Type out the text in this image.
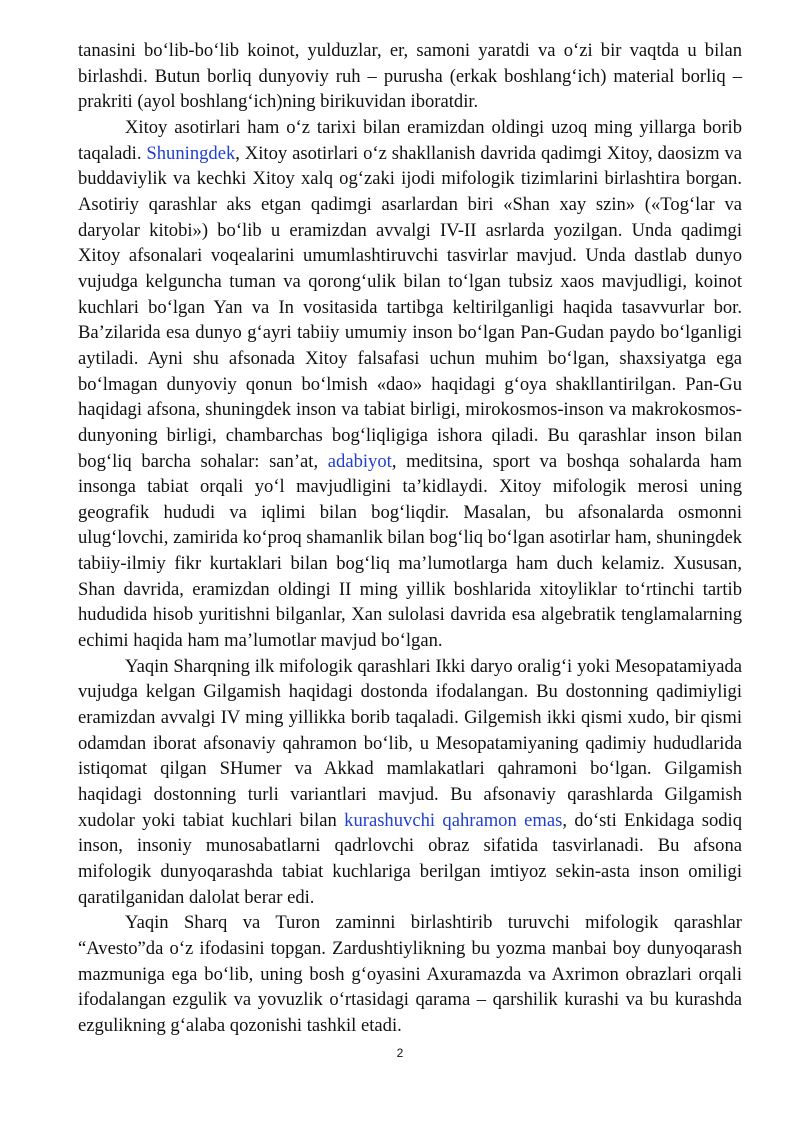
tanasini bo‘lib-bo‘lib koinot, yulduzlar, er, samoni yaratdi va o‘zi bir vaqtda u bilan birlashdi. Butun borliq dunyoviy ruh – purusha (erkak boshlang‘ich) material borliq – prakriti (ayol boshlang‘ich)ning birikuvidan iboratdir.

Xitoy asotirlari ham o‘z tarixi bilan eramizdan oldingi uzoq ming yillarga borib taqaladi. Shuningdek, Xitoy asotirlari o‘z shakllanish davrida qadimgi Xitoy, daosizm va buddaviylik va kechki Xitoy xalq og‘zaki ijodi mifologik tizimlarini birlashtira borgan. Asotiriy qarashlar aks etgan qadimgi asarlardan biri «Shan xay szin» («Tog‘lar va daryolar kitobi») bo‘lib u eramizdan avvalgi IV-II asrlarda yozilgan. Unda qadimgi Xitoy afsonalari voqealarini umumlashtiruvchi tasvirlar mavjud. Unda dastlab dunyo vujudga kelguncha tuman va qorong‘ulik bilan to‘lgan tubsiz xaos mavjudligi, koinot kuchlari bo‘lgan Yan va In vositasida tartibga keltirilganligi haqida tasavvurlar bor. Ba’zilarida esa dunyo g‘ayri tabiiy umumiy inson bo‘lgan Pan-Gudan paydo bo‘lganligi aytiladi. Ayni shu afsonada Xitoy falsafasi uchun muhim bo‘lgan, shaxsiyatga ega bo‘lmagan dunyoviy qonun bo‘lmish «dao» haqidagi g‘oya shakllantirilgan. Pan-Gu haqidagi afsona, shuningdek inson va tabiat birligi, mirokosmos-inson va makrokosmos-dunyoning birligi, chambarchas bog‘liqligiga ishora qiladi. Bu qarashlar inson bilan bog‘liq barcha sohalar: san’at, adabiyot, meditsina, sport va boshqa sohalarda ham insonga tabiat orqali yo‘l mavjudligini ta’kidlaydi. Xitoy mifologik merosi uning geografik hududi va iqlimi bilan bog‘liqdir. Masalan, bu afsonalarda osmonni ulug‘lovchi, zamirida ko‘proq shamanlik bilan bog‘liq bo‘lgan asotirlar ham, shuningdek tabiiy-ilmiy fikr kurtaklari bilan bog‘liq ma’lumotlarga ham duch kelamiz. Xususan, Shan davrida, eramizdan oldingi II ming yillik boshlarida xitoyliklar to‘rtinchi tartib hududida hisob yuritishni bilganlar, Xan sulolasi davrida esa algebratik tenglamalarning echimi haqida ham ma’lumotlar mavjud bo‘lgan.

Yaqin Sharqning ilk mifologik qarashlari Ikki daryo oralig‘i yoki Mesopatamiyada vujudga kelgan Gilgamish haqidagi dostonda ifodalangan. Bu dostonning qadimiyligi eramizdan avvalgi IV ming yillikka borib taqaladi. Gilgemish ikki qismi xudo, bir qismi odamdan iborat afsonaviy qahramon bo‘lib, u Mesopatamiyaning qadimiy hududlarida istiqomat qilgan SHumer va Akkad mamlakatlari qahramoni bo‘lgan. Gilgamish haqidagi dostonning turli variantlari mavjud. Bu afsonaviy qarashlarda Gilgamish xudolar yoki tabiat kuchlari bilan kurashuvchi qahramon emas, do‘sti Enkidaga sodiq inson, insoniy munosabatlarni qadrlovchi obraz sifatida tasvirlanadi. Bu afsona mifologik dunyoqarashda tabiat kuchlariga berilgan imtiyoz sekin-asta inson omiligi qaratilganidan dalolat berar edi.

Yaqin Sharq va Turon zaminni birlashtirib turuvchi mifologik qarashlar “Avesto”da o‘z ifodasini topgan. Zardushtiylikning bu yozma manbai boy dunyoqarash mazmuniga ega bo‘lib, uning bosh g‘oyasini Axuramazda va Axrimon obrazlari orqali ifodalangan ezgulik va yovuzlik o‘rtasidagi qarama – qarshilik kurashi va bu kurashda ezgulikning g‘alaba qozonishi tashkil etadi.

2
